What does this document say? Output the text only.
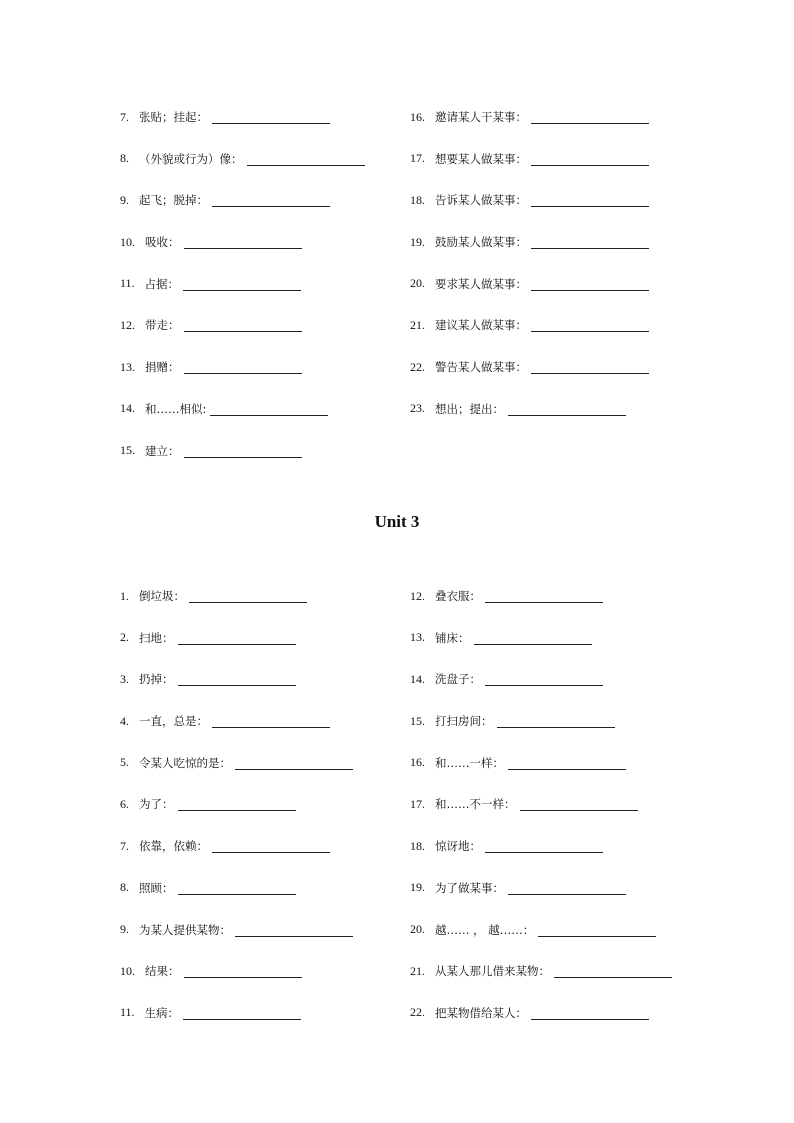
7. 张贴；挂起：	16. 邀请某人干某事：
8. （外貌或行为）像：	17. 想要某人做某事：
9. 起飞；脱掉：	18. 告诉某人做某事：
10. 吸收：	19. 鼓励某人做某事：
11. 占据：	20. 要求某人做某事：
12. 带走：	21. 建议某人做某事：
13. 捐赠：	22. 警告某人做某事：
14. 和……相似:	23. 想出；提出：
15. 建立：
Unit 3
1. 倒垃圾：	12. 叠衣服：
2. 扫地：	13. 铺床：
3. 扔掉：	14. 洗盘子：
4. 一直，总是：	15. 打扫房间：
5. 令某人吃惊的是：	16. 和……一样：
6. 为了：	17. 和……不一样：
7. 依靠，依赖：	18. 惊讶地：
8. 照顾：	19. 为了做某事：
9. 为某人提供某物：	20. 越…… ， 越……：
10. 结果：	21. 从某人那儿借来某物：
11. 生病：	22. 把某物借给某人：
